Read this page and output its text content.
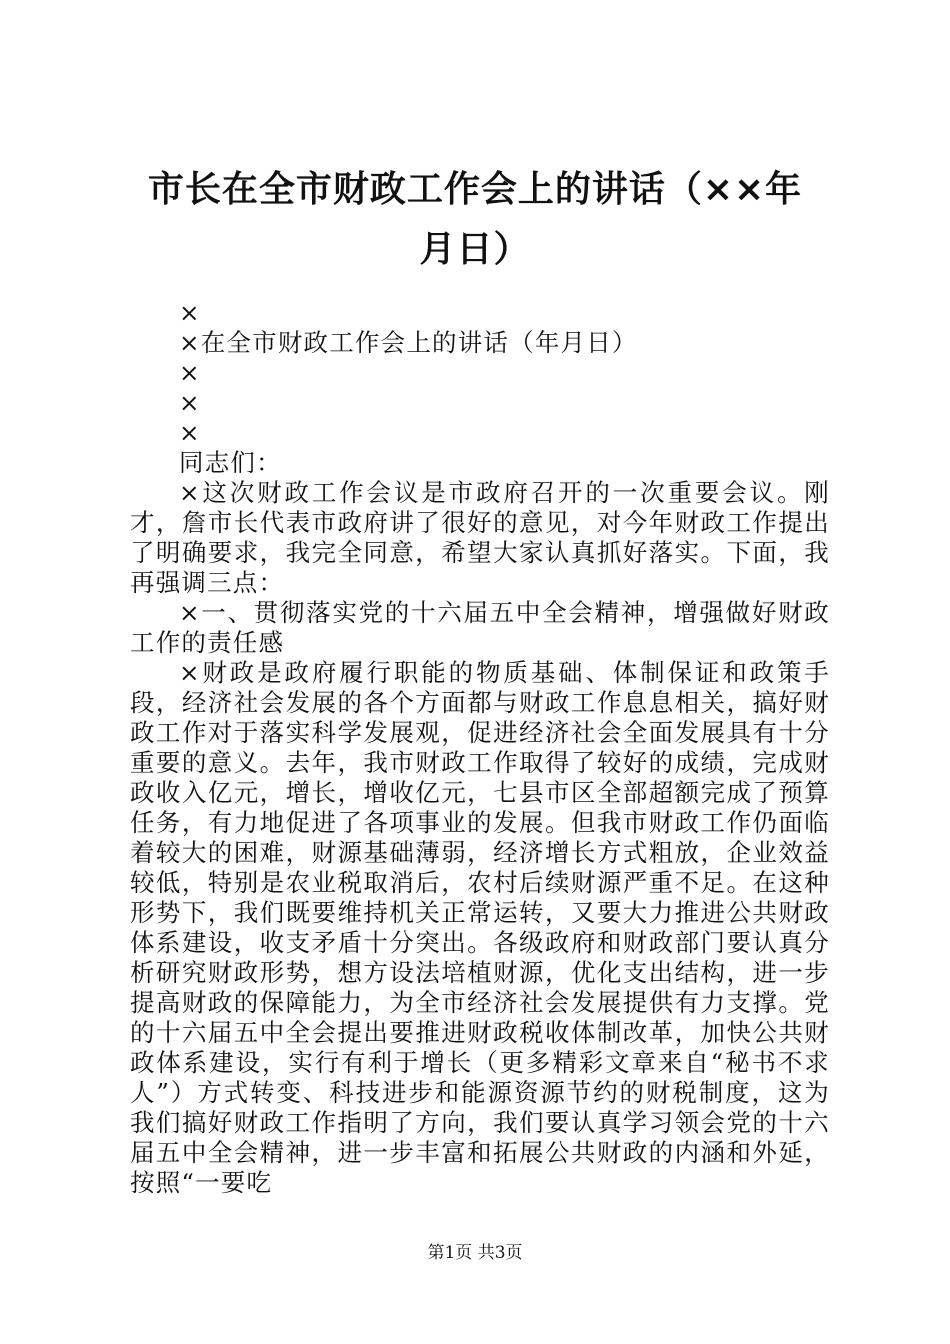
市长在全市财政工作会上的讲话（××年月日）

×

×在全市财政工作会上的讲话（年月日）

×

×

×

同志们：

×这次财政工作会议是市政府召开的一次重要会议。刚才，詹市长代表市政府讲了很好的意见，对今年财政工作提出了明确要求，我完全同意，希望大家认真抓好落实。下面，我再强调三点：

×一、贯彻落实党的十六届五中全会精神，增强做好财政工作的责任感

×财政是政府履行职能的物质基础、体制保证和政策手段，经济社会发展的各个方面都与财政工作息息相关，搞好财政工作对于落实科学发展观，促进经济社会全面发展具有十分重要的意义。去年，我市财政工作取得了较好的成绩，完成财政收入亿元，增长，增收亿元，七县市区全部超额完成了预算任务，有力地促进了各项事业的发展。但我市财政工作仍面临着较大的困难，财源基础薄弱，经济增长方式粗放，企业效益较低，特别是农业税取消后，农村后续财源严重不足。在这种形势下，我们既要维持机关正常运转，又要大力推进公共财政体系建设，收支矛盾十分突出。各级政府和财政部门要认真分析研究财政形势，想方设法培植财源，优化支出结构，进一步提高财政的保障能力，为全市经济社会发展提供有力支撑。党的十六届五中全会提出要推进财政税收体制改革，加快公共财政体系建设，实行有利于增长（更多精彩文章来自“秘书不求人”）方式转变、科技进步和能源资源节约的财税制度，这为我们搞好财政工作指明了方向，我们要认真学习领会党的十六届五中全会精神，进一步丰富和拓展公共财政的内涵和外延，按照“一要吃

第1页 共3页
